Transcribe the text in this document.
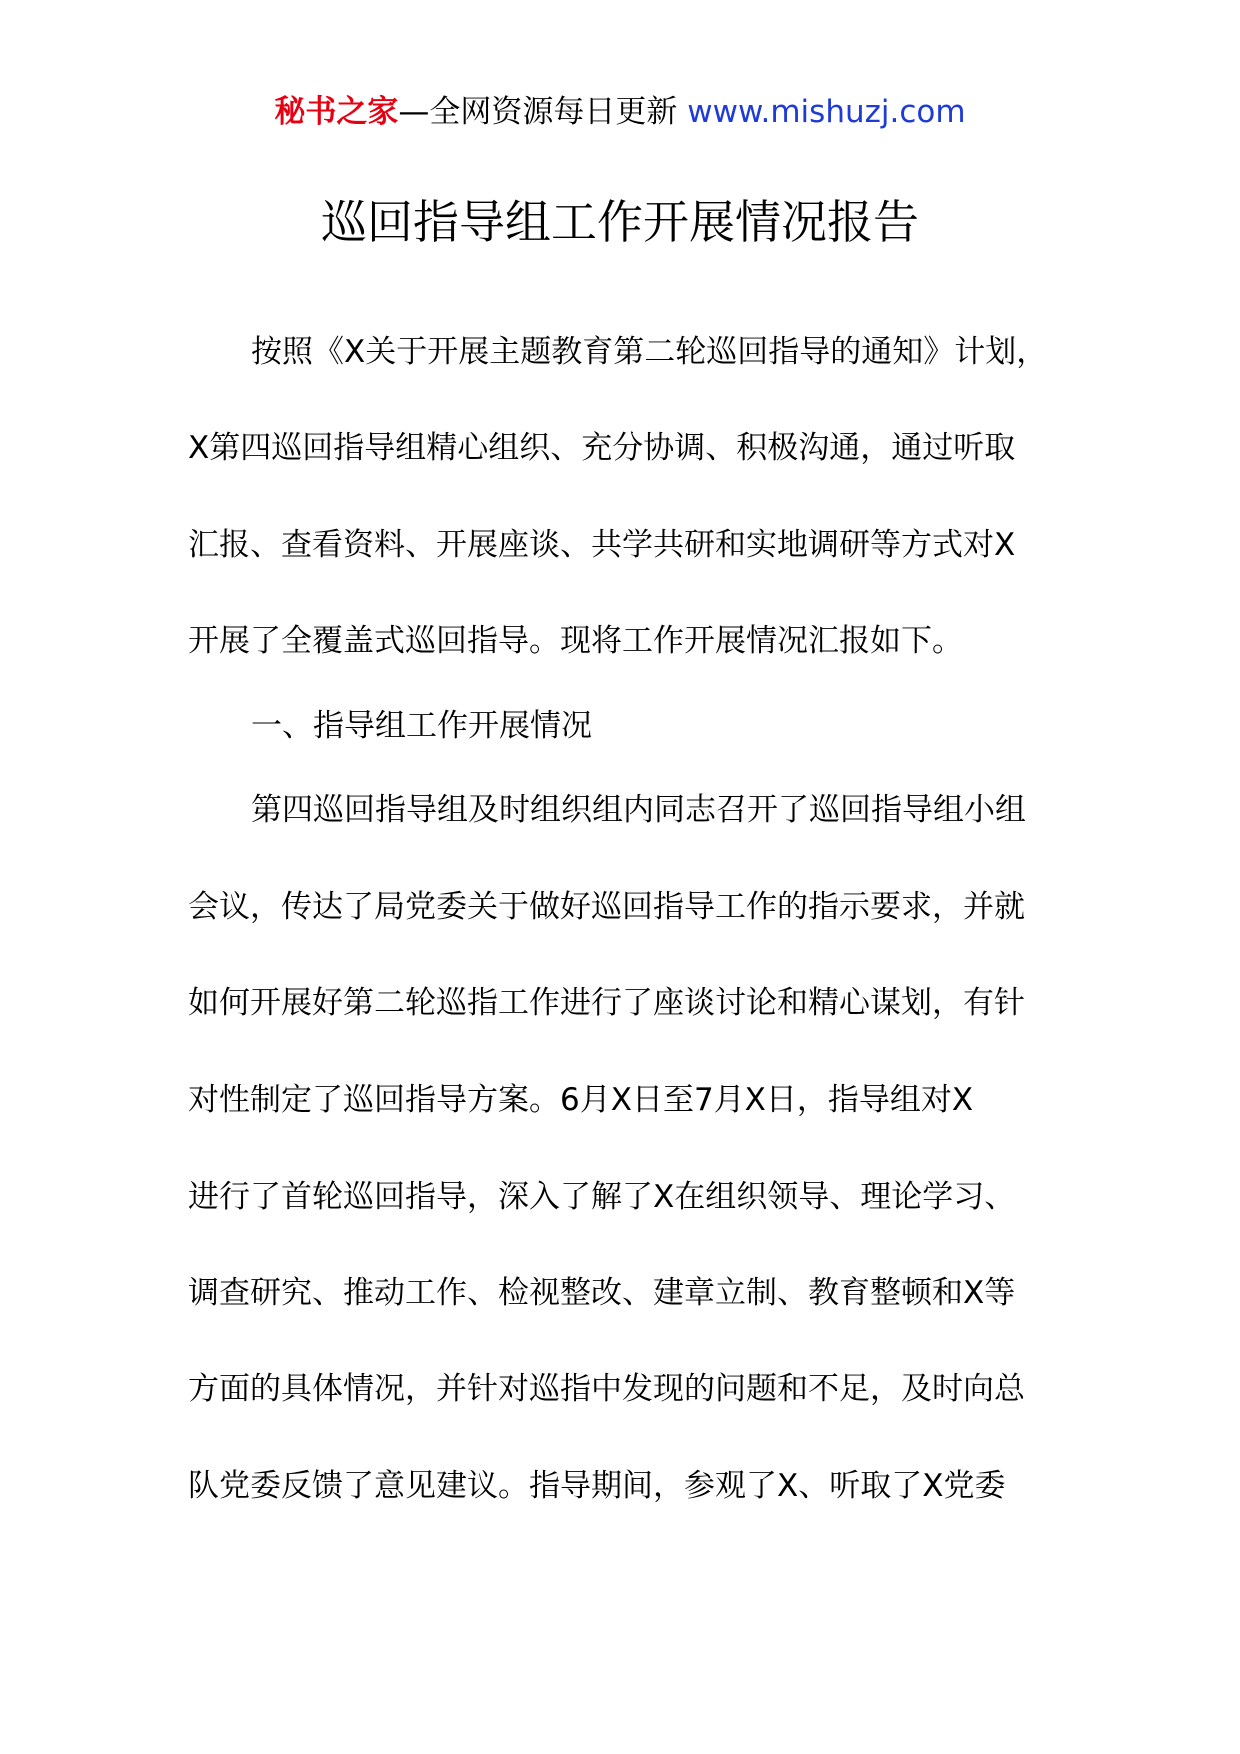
秘书之家—全网资源每日更新 www.mishuzj.com
巡回指导组工作开展情况报告
按照《X关于开展主题教育第二轮巡回指导的通知》计划，
X第四巡回指导组精心组织、充分协调、积极沟通，通过听取
汇报、查看资料、开展座谈、共学共研和实地调研等方式对X
开展了全覆盖式巡回指导。现将工作开展情况汇报如下。
一、指导组工作开展情况
第四巡回指导组及时组织组内同志召开了巡回指导组小组
会议，传达了局党委关于做好巡回指导工作的指示要求，并就
如何开展好第二轮巡指工作进行了座谈讨论和精心谋划，有针
对性制定了巡回指导方案。6月X日至7月X日，指导组对X
进行了首轮巡回指导，深入了解了X在组织领导、理论学习、
调查研究、推动工作、检视整改、建章立制、教育整顿和X等
方面的具体情况，并针对巡指中发现的问题和不足，及时向总
队党委反馈了意见建议。指导期间，参观了X、听取了X党委
